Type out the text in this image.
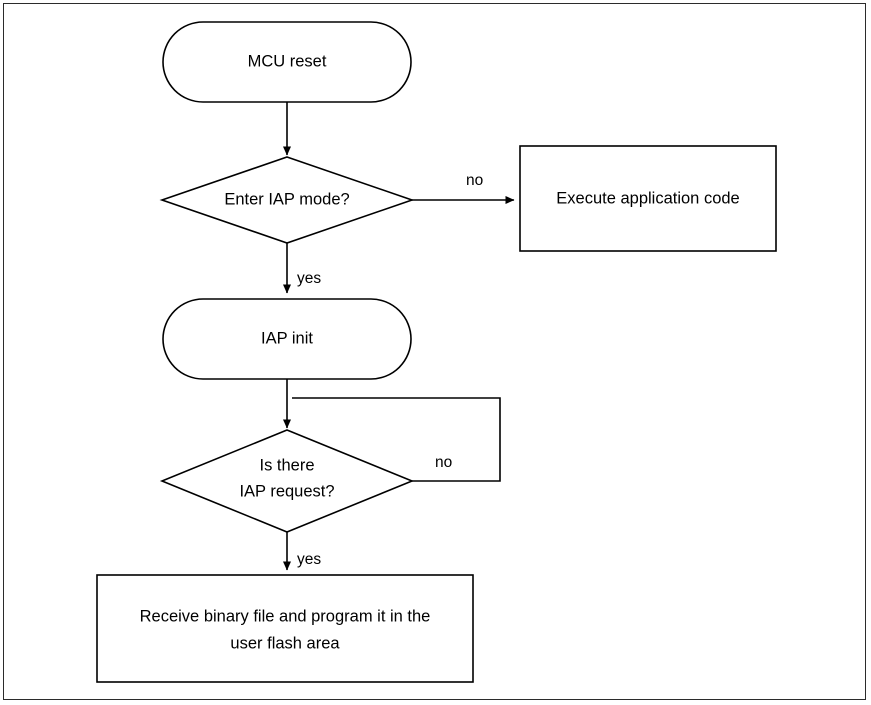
MCU reset
Enter IAP mode?
no
Execute application code
yes
IAP init
Is there
IAP request?
no
yes
Receive binary file and program it in the
user flash area
